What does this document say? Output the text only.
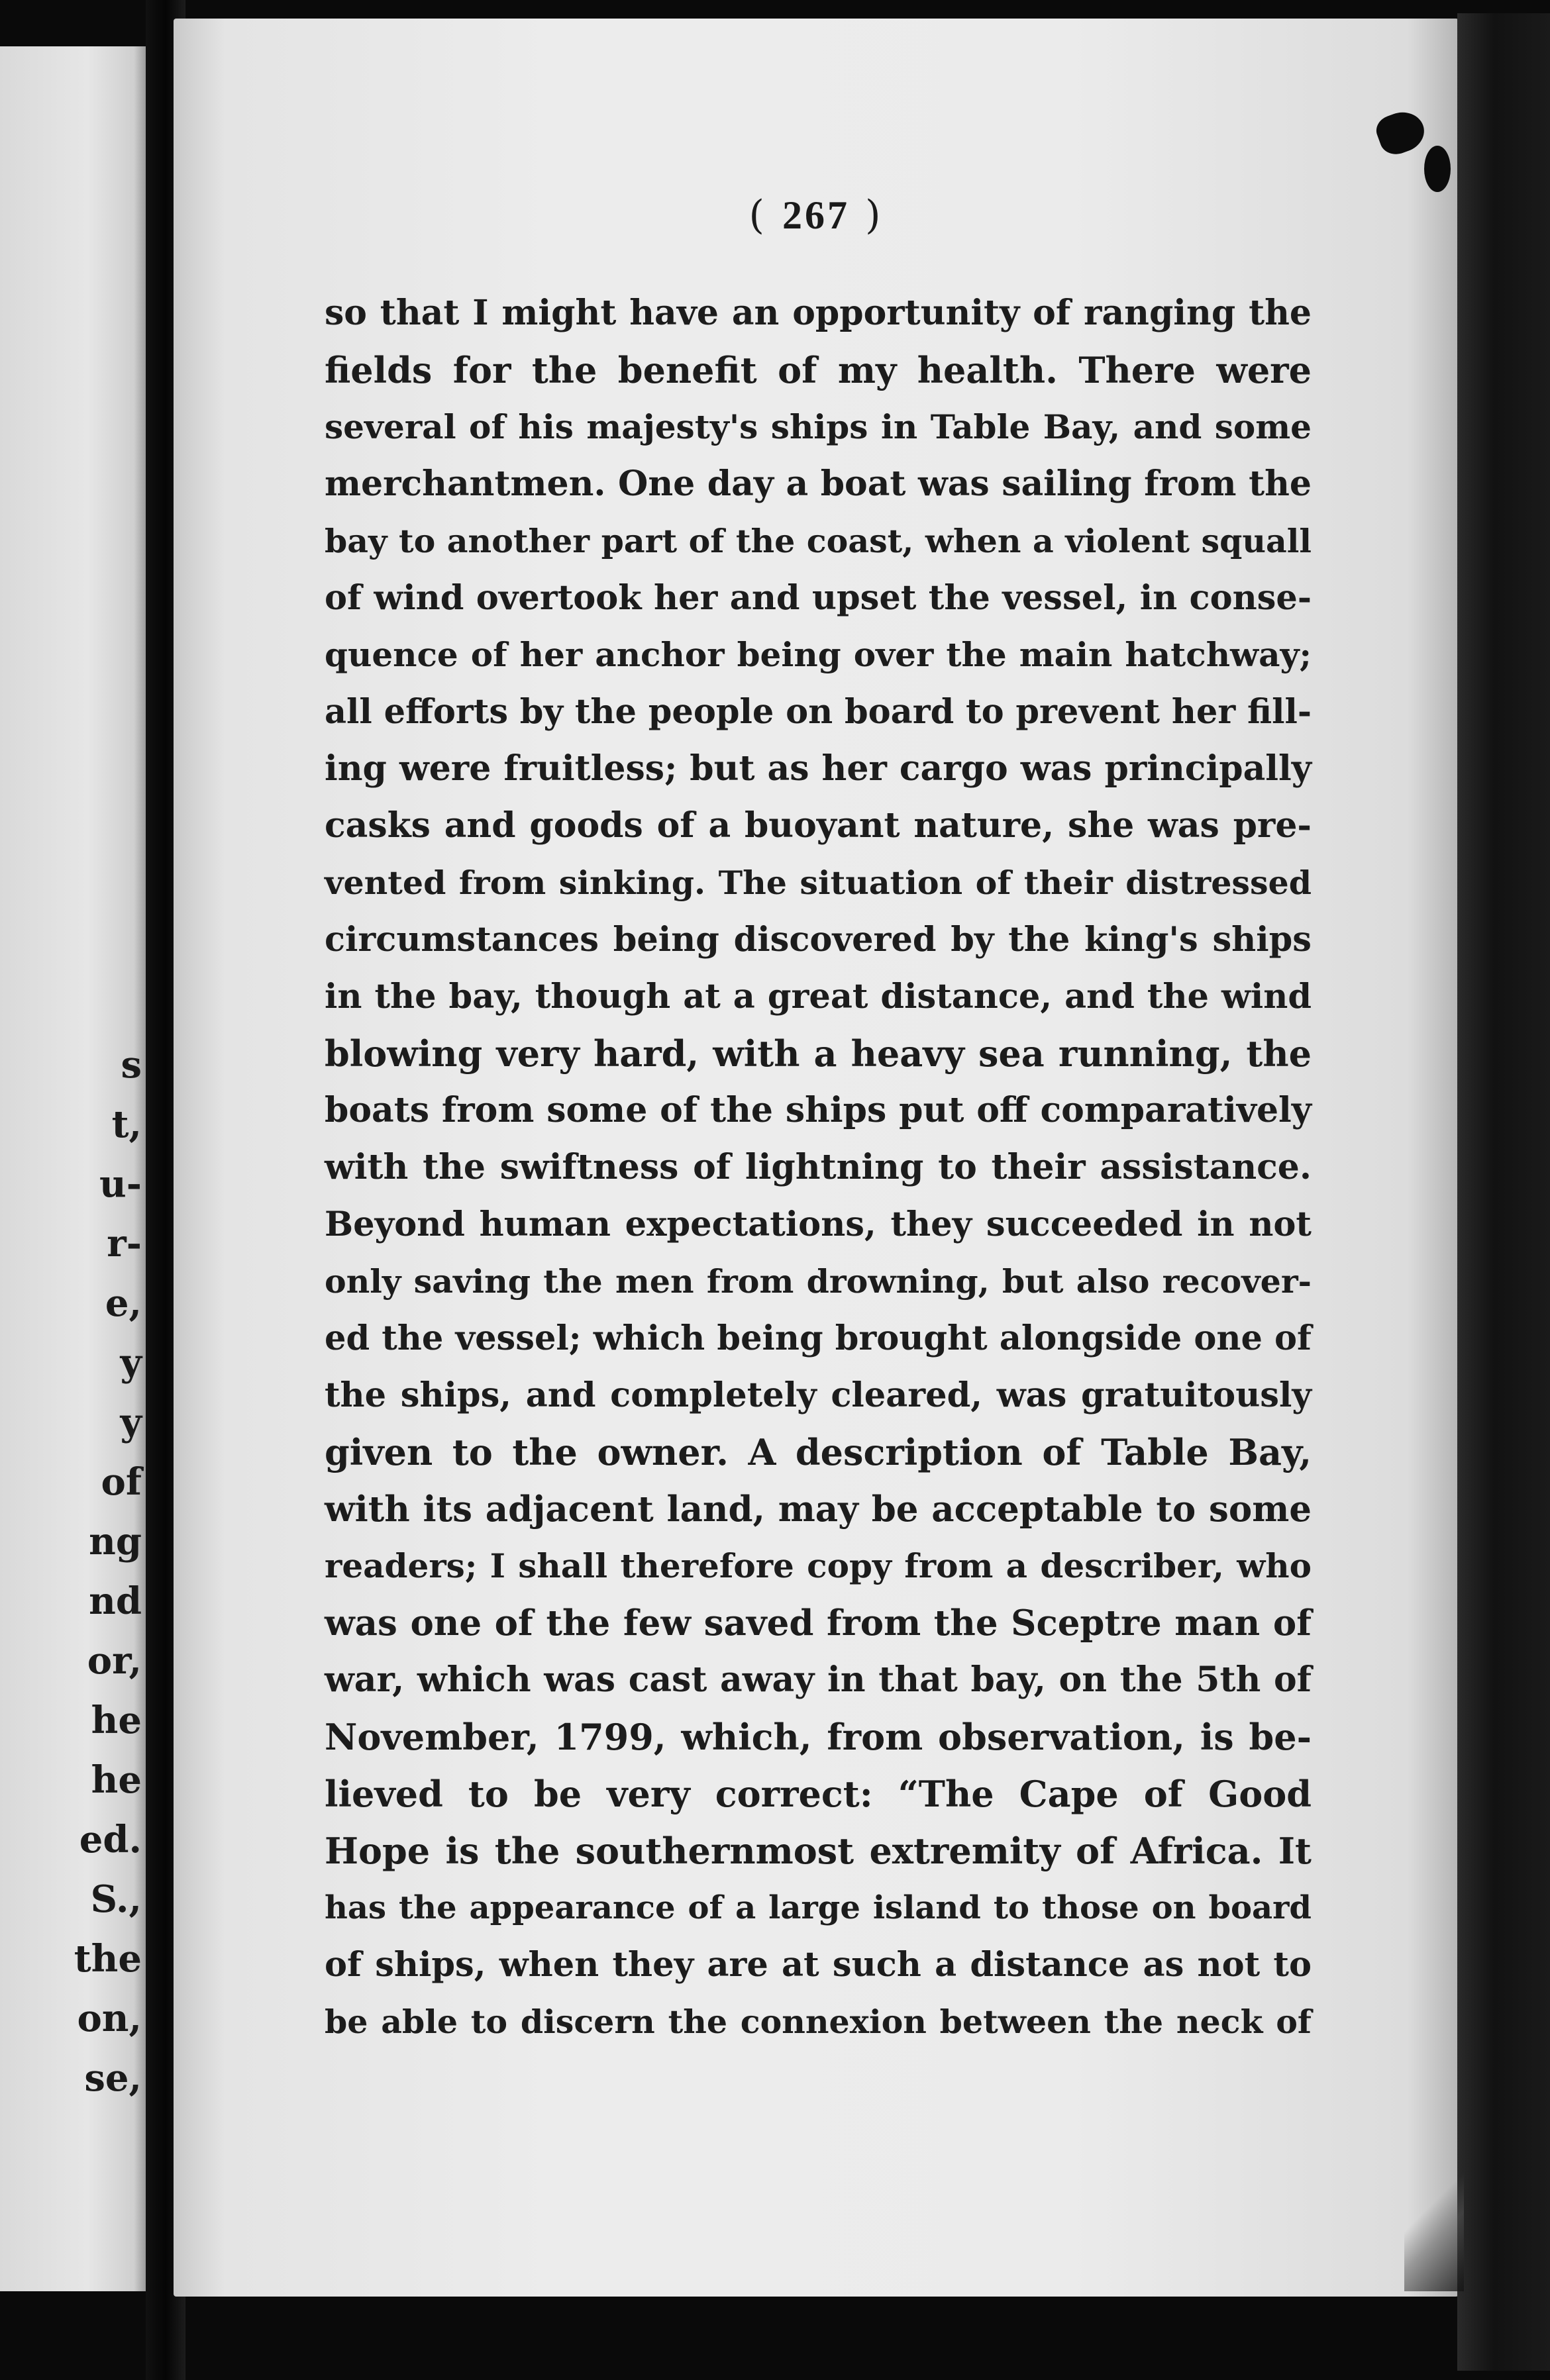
s
t,
u-
r-
e,
y
y
of
ng
nd
or,
he
he
ed.
S.,
the
on,
se,
( 267 )
so that I might have an opportunity of ranging the
fields for the benefit of my health. There were
several of his majesty's ships in Table Bay, and some
merchantmen. One day a boat was sailing from the
bay to another part of the coast, when a violent squall
of wind overtook her and upset the vessel, in conse-
quence of her anchor being over the main hatchway;
all efforts by the people on board to prevent her fill-
ing were fruitless; but as her cargo was principally
casks and goods of a buoyant nature, she was pre-
vented from sinking. The situation of their distressed
circumstances being discovered by the king's ships
in the bay, though at a great distance, and the wind
blowing very hard, with a heavy sea running, the
boats from some of the ships put off comparatively
with the swiftness of lightning to their assistance.
Beyond human expectations, they succeeded in not
only saving the men from drowning, but also recover-
ed the vessel; which being brought alongside one of
the ships, and completely cleared, was gratuitously
given to the owner. A description of Table Bay,
with its adjacent land, may be acceptable to some
readers; I shall therefore copy from a describer, who
was one of the few saved from the Sceptre man of
war, which was cast away in that bay, on the 5th of
November, 1799, which, from observation, is be-
lieved to be very correct: “The Cape of Good
Hope is the southernmost extremity of Africa. It
has the appearance of a large island to those on board
of ships, when they are at such a distance as not to
be able to discern the connexion between the neck of
